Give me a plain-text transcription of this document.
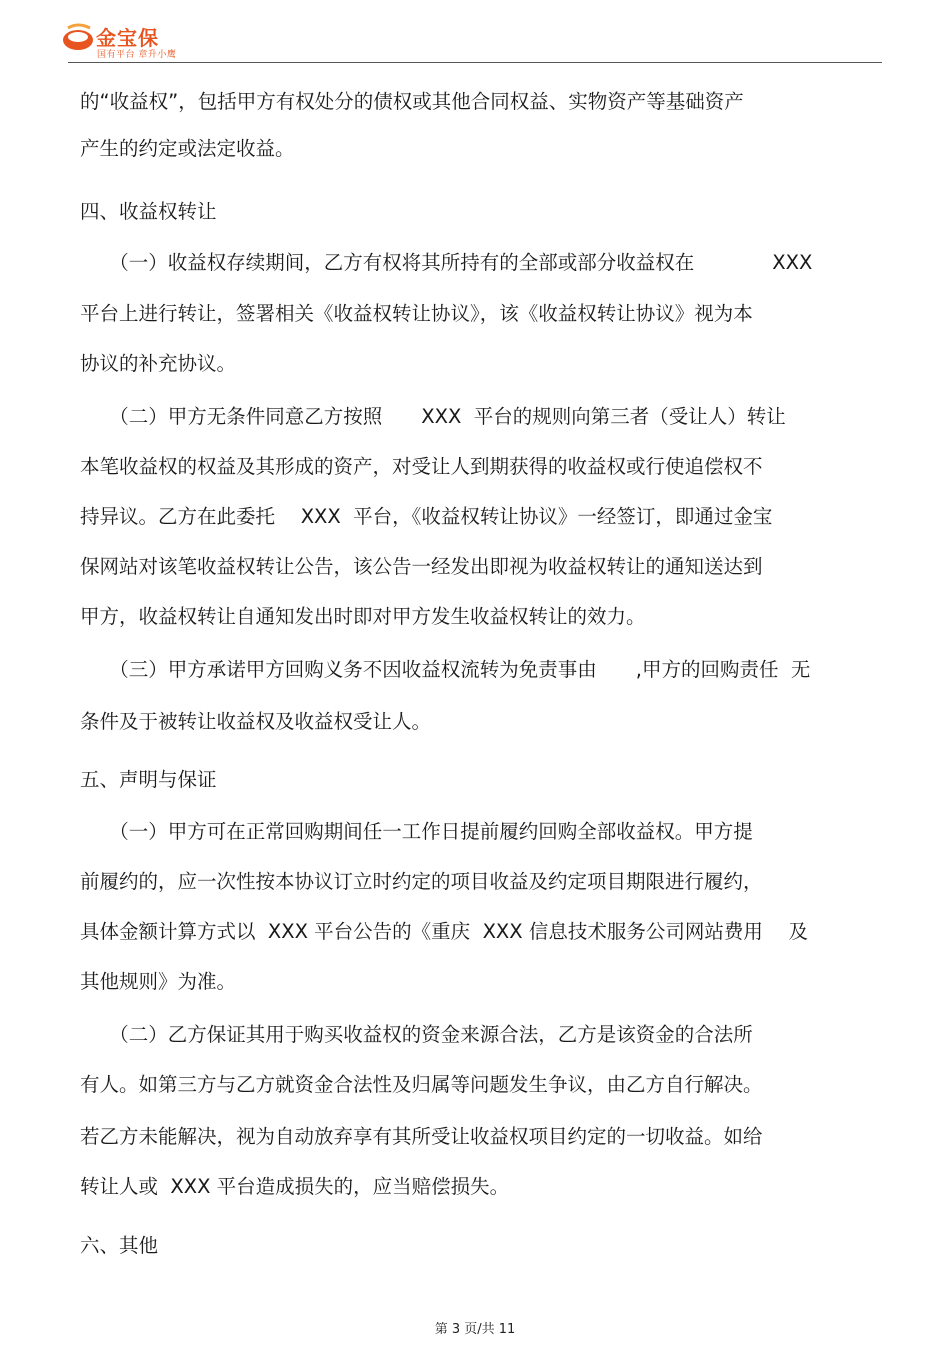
金宝保
国有平台 章升小鹰
的“收益权”，包括甲方有权处分的债权或其他合同权益、实物资产等基础资产
产生的约定或法定收益。
四、收益权转让
　　（一）收益权存续期间，乙方有权将其所持有的全部或部分收益权在　　　　XXX
平台上进行转让，签署相关《收益权转让协议》，该《收益权转让协议》视为本
协议的补充协议。
　　（二）甲方无条件同意乙方按照　　XXX  平台的规则向第三者（受让人）转让
本笔收益权的权益及其形成的资产，对受让人到期获得的收益权或行使追偿权不
持异议。乙方在此委托　 XXX  平台，《收益权转让协议》一经签订，即通过金宝
保网站对该笔收益权转让公告，该公告一经发出即视为收益权转让的通知送达到
甲方，收益权转让自通知发出时即对甲方发生收益权转让的效力。
　　（三）甲方承诺甲方回购义务不因收益权流转为免责事由　　,甲方的回购责任  无
条件及于被转让收益权及收益权受让人。
五、声明与保证
　　（一）甲方可在正常回购期间任一工作日提前履约回购全部收益权。甲方提
前履约的，应一次性按本协议订立时约定的项目收益及约定项目期限进行履约，
具体金额计算方式以  XXX 平台公告的《重庆  XXX 信息技术服务公司网站费用　 及
其他规则》为准。
　　（二）乙方保证其用于购买收益权的资金来源合法，乙方是该资金的合法所
有人。如第三方与乙方就资金合法性及归属等问题发生争议，由乙方自行解决。
若乙方未能解决，视为自动放弃享有其所受让收益权项目约定的一切收益。如给
转让人或  XXX 平台造成损失的，应当赔偿损失。
六、其他
第 3 页/共 11
